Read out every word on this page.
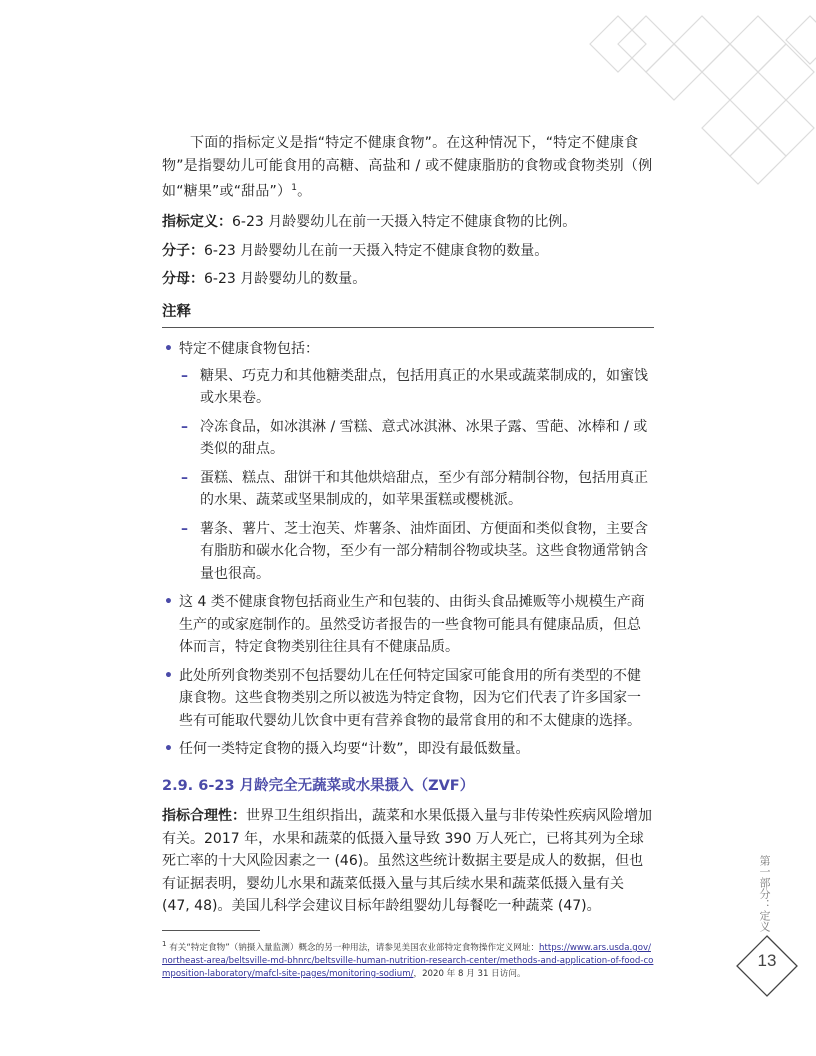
下面的指标定义是指“特定不健康食物”。在这种情况下，“特定不健康食物”是指婴幼儿可能食用的高糖、高盐和 / 或不健康脂肪的食物或食物类别（例如“糖果”或“甜品”）$^1$。

指标定义：6-23 月龄婴幼儿在前一天摄入特定不健康食物的比例。

分子：6-23 月龄婴幼儿在前一天摄入特定不健康食物的数量。

分母：6-23 月龄婴幼儿的数量。

注释
• 特定不健康食物包括：
– 糖果、巧克力和其他糖类甜点，包括用真正的水果或蔬菜制成的，如蜜饯或水果卷。
– 冷冻食品，如冰淇淋 / 雪糕、意式冰淇淋、冰果子露、雪葩、冰棒和 / 或类似的甜点。
– 蛋糕、糕点、甜饼干和其他烘焙甜点，至少有部分精制谷物，包括用真正的水果、蔬菜或坚果制成的，如苹果蛋糕或樱桃派。
– 薯条、薯片、芝士泡芙、炸薯条、油炸面团、方便面和类似食物，主要含有脂肪和碳水化合物，至少有一部分精制谷物或块茎。这些食物通常钠含量也很高。
• 这 4 类不健康食物包括商业生产和包装的、由街头食品摊贩等小规模生产商生产的或家庭制作的。虽然受访者报告的一些食物可能具有健康品质，但总体而言，特定食物类别往往具有不健康品质。
• 此处所列食物类别不包括婴幼儿在任何特定国家可能食用的所有类型的不健康食物。这些食物类别之所以被选为特定食物，因为它们代表了许多国家一些有可能取代婴幼儿饮食中更有营养食物的最常食用的和不太健康的选择。
• 任何一类特定食物的摄入均要“计数”，即没有最低数量。
2.9. 6-23 月龄完全无蔬菜或水果摄入（ZVF）

指标合理性：世界卫生组织指出，蔬菜和水果低摄入量与非传染性疾病风险增加有关。2017 年，水果和蔬菜的低摄入量导致 390 万人死亡，已将其列为全球死亡率的十大风险因素之一 (46)。虽然这些统计数据主要是成人的数据，但也有证据表明，婴幼儿水果和蔬菜低摄入量与其后续水果和蔬菜低摄入量有关 (47, 48)。美国儿科学会建议目标年龄组婴幼儿每餐吃一种蔬菜 (47)。

$^1$ 有关“特定食物”（钠摄入量监测）概念的另一种用法，请参见美国农业部特定食物操作定义网址：https://www.ars.usda.gov/northeast-area/beltsville-md-bhnrc/beltsville-human-nutrition-research-center/methods-and-application-of-food-composition-laboratory/mafcl-site-pages/monitoring-sodium/，2020 年 8 月 31 日访问。
第一部分：定义
13
